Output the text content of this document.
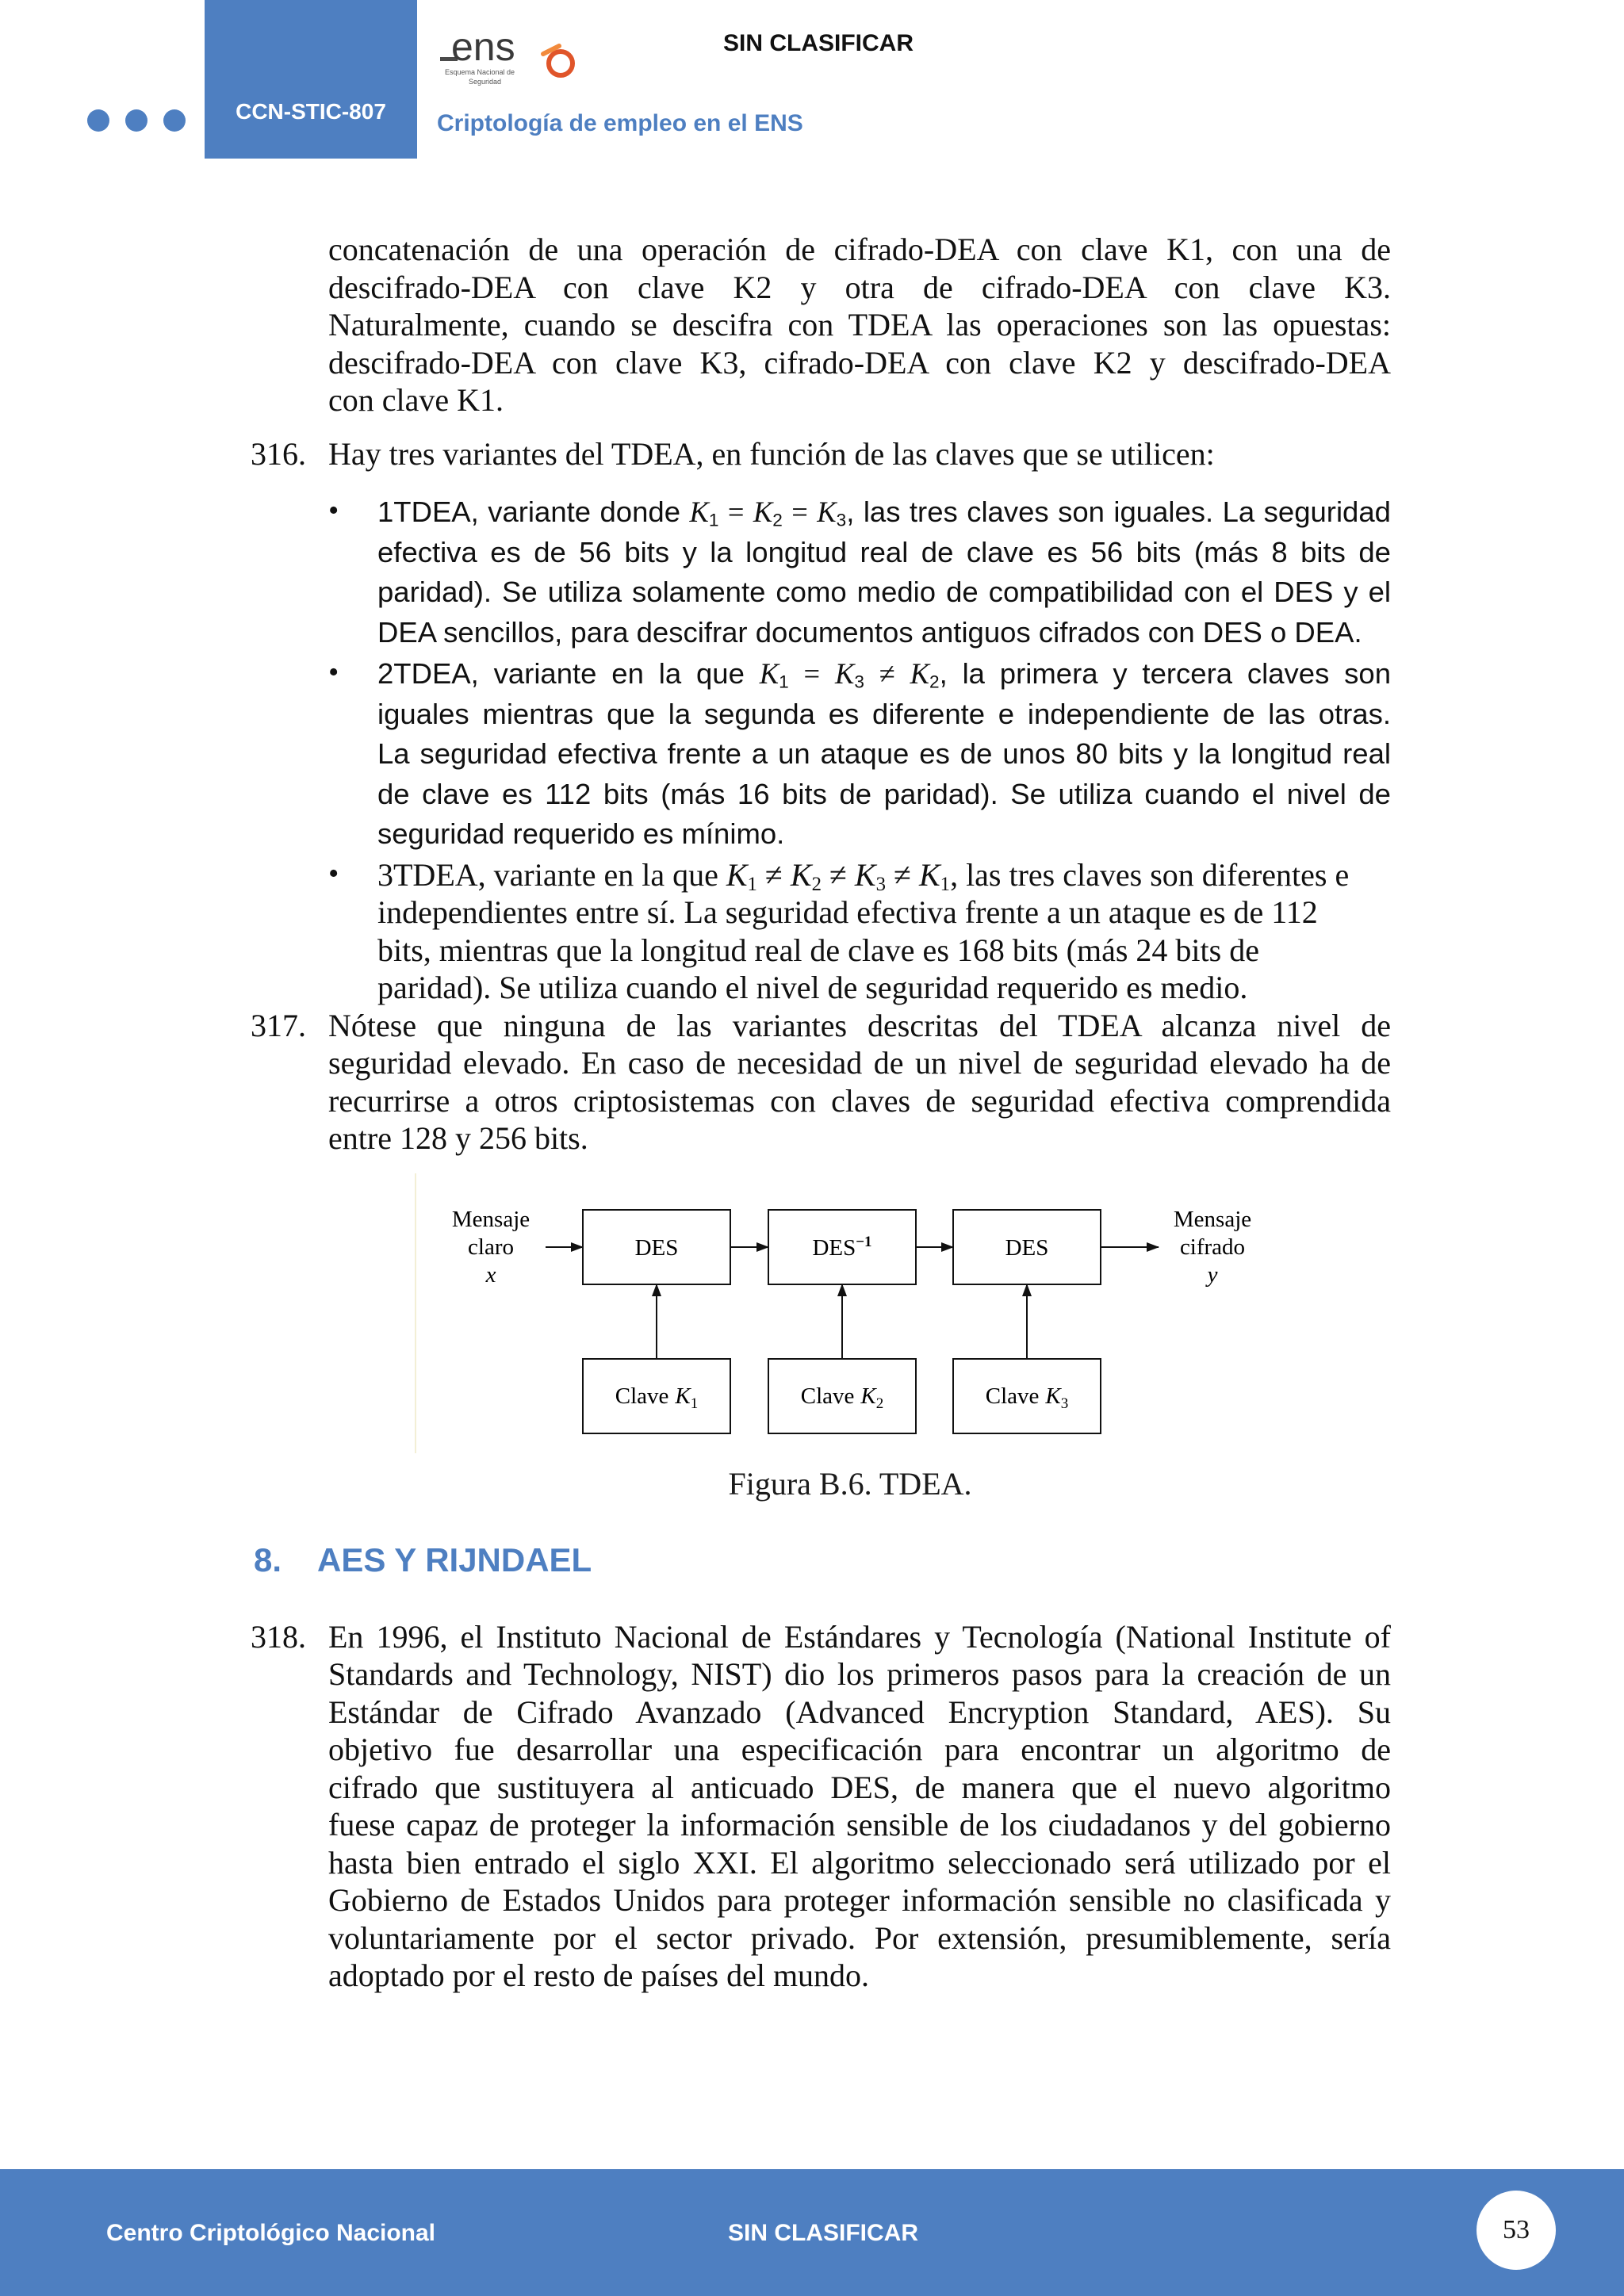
CCN-STIC-807
ens
Esquema Nacional de
Seguridad
SIN CLASIFICAR
Criptología de empleo en el ENS
concatenación de una operación de cifrado-DEA con clave K1, con una de
descifrado-DEA con clave K2 y otra de cifrado-DEA con clave K3.
Naturalmente, cuando se descifra con TDEA las operaciones son las opuestas:
descifrado-DEA con clave K3, cifrado-DEA con clave K2 y descifrado-DEA
con clave K1.
316. Hay tres variantes del TDEA, en función de las claves que se utilicen:
• 1TDEA, variante donde $K_1 = K_2 = K_3$, las tres claves son iguales. La seguridad
efectiva es de 56 bits y la longitud real de clave es 56 bits (más 8 bits de
paridad). Se utiliza solamente como medio de compatibilidad con el DES y el
DEA sencillos, para descifrar documentos antiguos cifrados con DES o DEA.
• 2TDEA, variante en la que $K_1 = K_3 \ne K_2$, la primera y tercera claves son
iguales mientras que la segunda es diferente e independiente de las otras.
La seguridad efectiva frente a un ataque es de unos 80 bits y la longitud real
de clave es 112 bits (más 16 bits de paridad). Se utiliza cuando el nivel de
seguridad requerido es mínimo.
• 3TDEA, variante en la que $K_1 \ne K_2 \ne K_3 \ne K_1$, las tres claves son diferentes e
independientes entre sí. La seguridad efectiva frente a un ataque es de 112
bits, mientras que la longitud real de clave es 168 bits (más 24 bits de
paridad). Se utiliza cuando el nivel de seguridad requerido es medio.
317. Nótese que ninguna de las variantes descritas del TDEA alcanza nivel de
seguridad elevado. En caso de necesidad de un nivel de seguridad elevado ha de
recurrirse a otros criptosistemas con claves de seguridad efectiva comprendida
entre 128 y 256 bits.
Mensaje
claro
x
Mensaje
cifrado
y
DES	$DES^{-1}$	DES
Clave $K_1$	Clave $K_2$	Clave $K_3$
Figura B.6. TDEA.
8. AES Y RIJNDAEL
318. En 1996, el Instituto Nacional de Estándares y Tecnología (National Institute of
Standards and Technology, NIST) dio los primeros pasos para la creación de un
Estándar de Cifrado Avanzado (Advanced Encryption Standard, AES). Su
objetivo fue desarrollar una especificación para encontrar un algoritmo de
cifrado que sustituyera al anticuado DES, de manera que el nuevo algoritmo
fuese capaz de proteger la información sensible de los ciudadanos y del gobierno
hasta bien entrado el siglo XXI. El algoritmo seleccionado será utilizado por el
Gobierno de Estados Unidos para proteger información sensible no clasificada y
voluntariamente por el sector privado. Por extensión, presumiblemente, sería
adoptado por el resto de países del mundo.
Centro Criptológico Nacional	SIN CLASIFICAR	53
